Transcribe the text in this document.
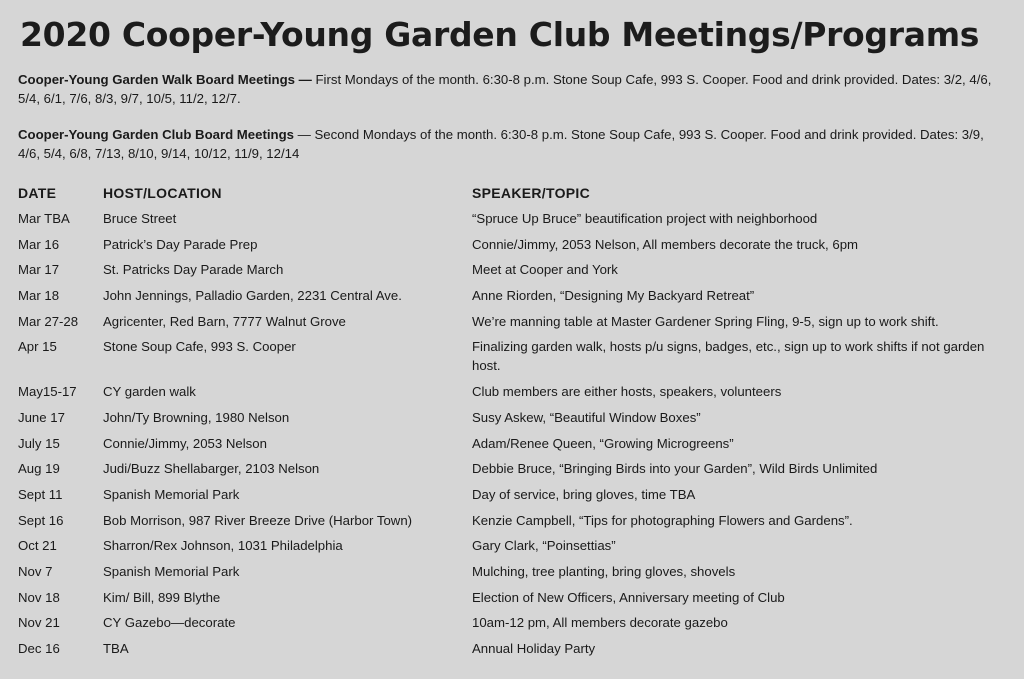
2020 Cooper-Young Garden Club Meetings/Programs

Cooper-Young Garden Walk Board Meetings — First Mondays of the month. 6:30-8 p.m. Stone Soup Cafe, 993 S. Cooper. Food and drink provided. Dates: 3/2, 4/6, 5/4, 6/1, 7/6, 8/3, 9/7, 10/5, 11/2, 12/7.

Cooper-Young Garden Club Board Meetings — Second Mondays of the month. 6:30-8 p.m. Stone Soup Cafe, 993 S. Cooper. Food and drink provided. Dates: 3/9, 4/6, 5/4, 6/8, 7/13, 8/10, 9/14, 10/12, 11/9, 12/14

DATE	HOST/LOCATION	SPEAKER/TOPIC
Mar TBA	Bruce Street	“Spruce Up Bruce” beautification project with neighborhood
Mar 16	Patrick’s Day Parade Prep	Connie/Jimmy, 2053 Nelson, All members decorate the truck, 6pm
Mar 17	St. Patricks Day Parade March	Meet at Cooper and York
Mar 18	John Jennings, Palladio Garden, 2231 Central Ave.	Anne Riorden, “Designing My Backyard Retreat”
Mar 27-28	Agricenter, Red Barn, 7777 Walnut Grove	We’re manning table at Master Gardener Spring Fling, 9-5, sign up to work shift.
Apr 15	Stone Soup Cafe, 993 S. Cooper	Finalizing garden walk, hosts p/u signs, badges, etc., sign up to work shifts if not garden host.
May15-17	CY garden walk	Club members are either hosts, speakers, volunteers
June 17	John/Ty Browning, 1980 Nelson	Susy Askew, “Beautiful Window Boxes”
July 15	Connie/Jimmy, 2053 Nelson	Adam/Renee Queen, “Growing Microgreens”
Aug 19	Judi/Buzz Shellabarger, 2103 Nelson	Debbie Bruce, “Bringing Birds into your Garden”, Wild Birds Unlimited
Sept 11	Spanish Memorial Park	Day of service, bring gloves, time TBA
Sept 16	Bob Morrison, 987 River Breeze Drive (Harbor Town)	Kenzie Campbell, “Tips for photographing Flowers and Gardens”.
Oct 21	Sharron/Rex Johnson, 1031 Philadelphia	Gary Clark, “Poinsettias”
Nov 7	Spanish Memorial Park	Mulching, tree planting, bring gloves, shovels
Nov 18	Kim/ Bill, 899 Blythe	Election of New Officers, Anniversary meeting of Club
Nov 21	CY Gazebo—decorate	10am-12 pm, All members decorate gazebo
Dec 16	TBA	Annual Holiday Party
